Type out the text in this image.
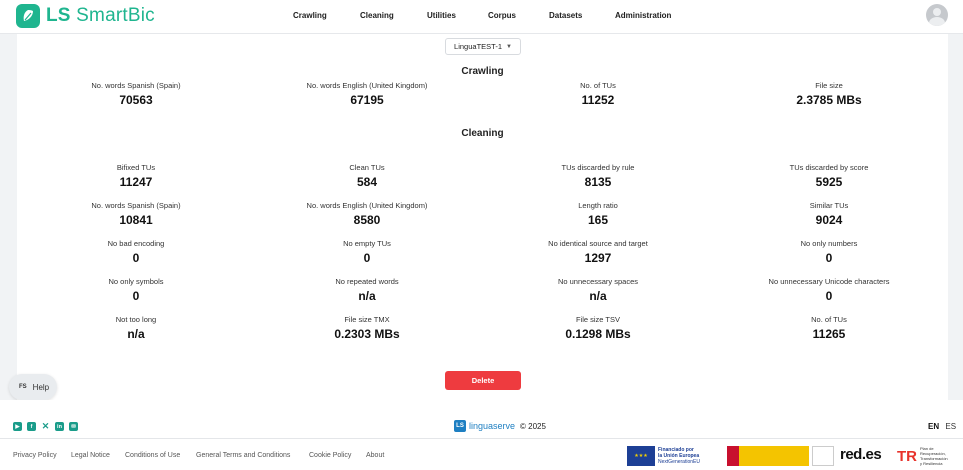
LS SmartBic	Crawling	Cleaning	Utilities	Corpus	Datasets	Administration
LinguaTEST-1 ▼
Crawling
No. words Spanish (Spain)
70563
No. words English (United Kingdom)
67195
No. of TUs
11252
File size
2.3785 MBs
Cleaning
Bifixed TUs
11247
Clean TUs
584
TUs discarded by rule
8135
TUs discarded by score
5925
No. words Spanish (Spain)
10841
No. words English (United Kingdom)
8580
Length ratio
165
Similar TUs
9024
No bad encoding
0
No empty TUs
0
No identical source and target
1297
No only numbers
0
No only symbols
0
No repeated words
n/a
No unnecessary spaces
n/a
No unnecessary Unicode characters
0
Not too long
n/a
File size TMX
0.2303 MBs
File size TSV
0.1298 MBs
No. of TUs
11265
Delete
FS Help
▶	f	✕	in	✉	LS linguaserve © 2025	EN ES
Privacy Policy Legal Notice Conditions of Use General Terms and Conditions	Cookie Policy About	★★★
Financiado por
la Unión Europea
NextGenerationEU	red.es TR Plan de
Recuperación,
Transformación
y Resiliencia
